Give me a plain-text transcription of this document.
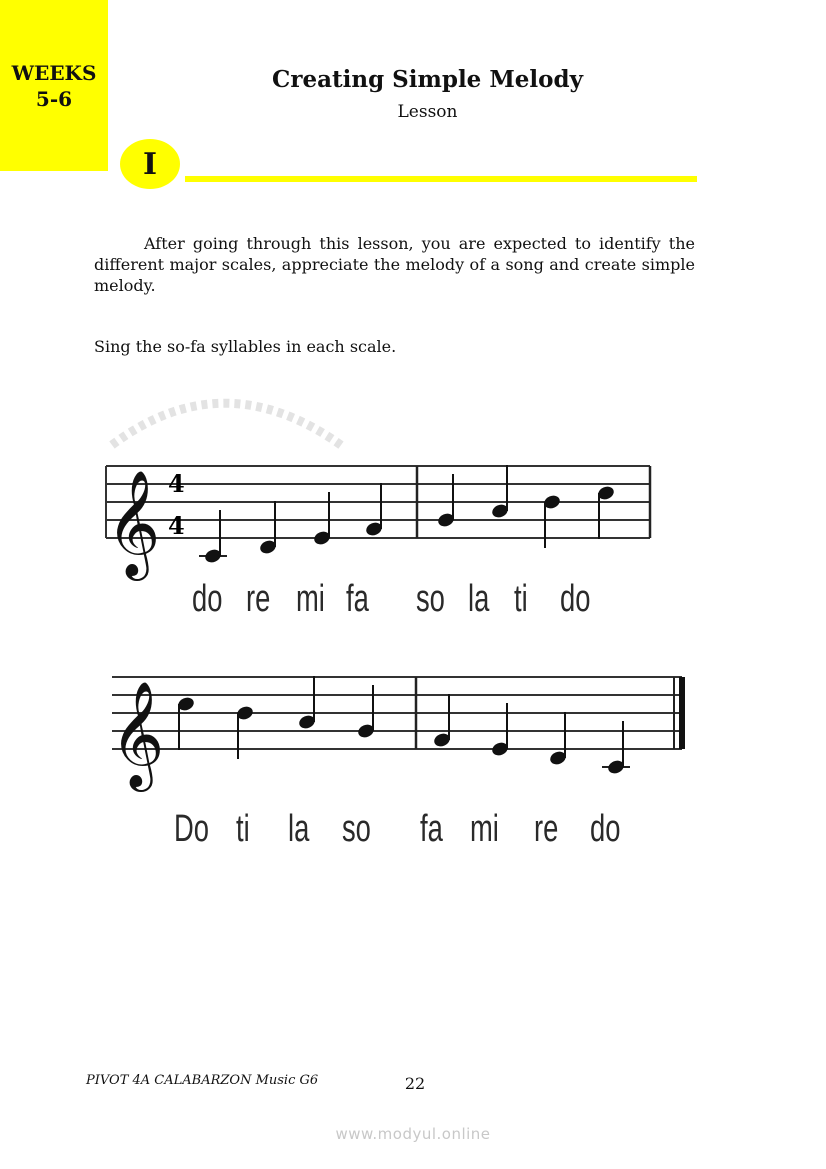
WEEKS
5-6
Creating Simple Melody
Lesson
I

After going through this lesson, you are expected to identify the different major scales, appreciate the melody of a song and create simple melody.

Sing the so-fa syllables in each scale.

𝄞
𝄞
4
4
do re mi fa so la ti do
Do ti la so fa mi re do
PIVOT 4A CALABARZON Music G6	22
www.modyul.online
